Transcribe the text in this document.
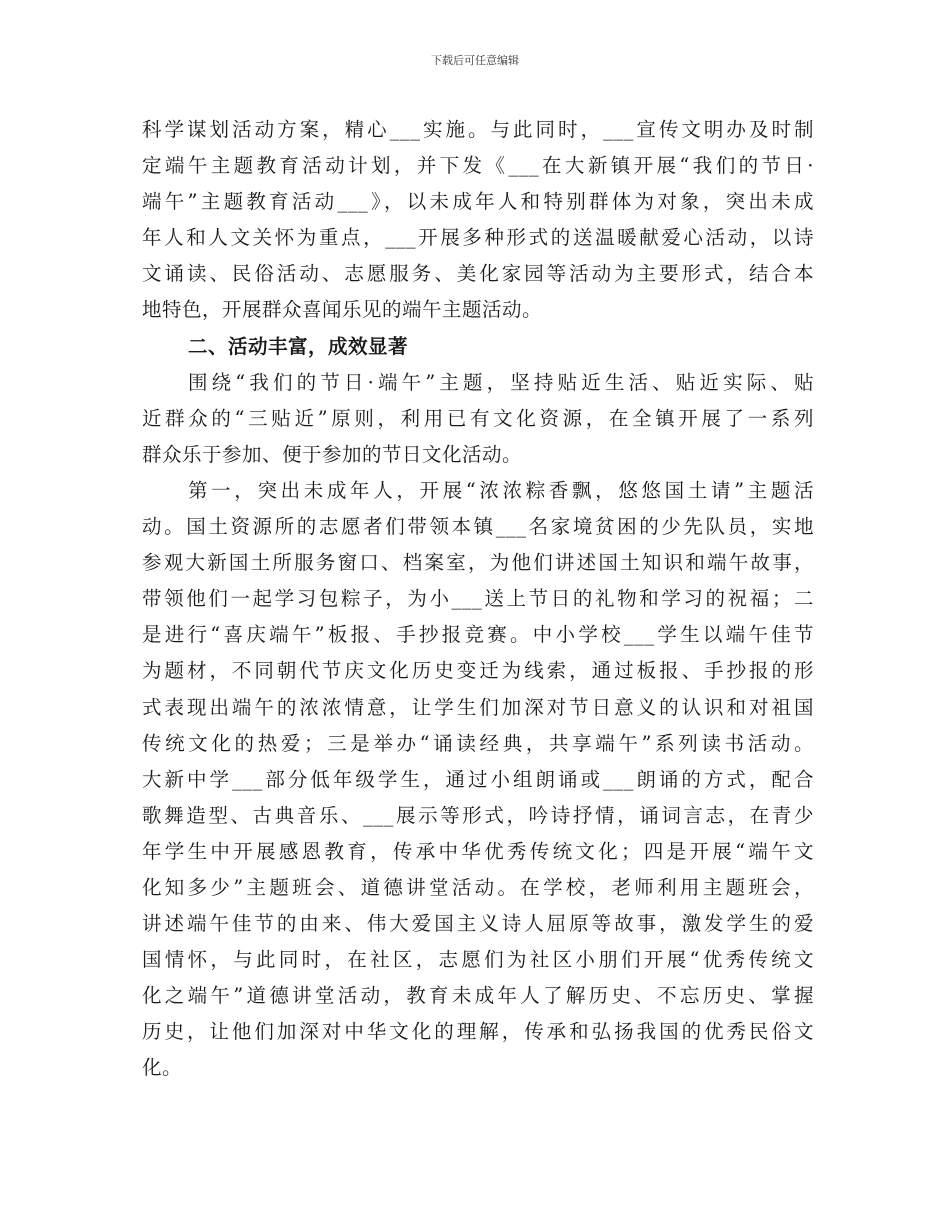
下载后可任意编辑
科学谋划活动方案，精心___实施。与此同时，___宣传文明办及时制
定端午主题教育活动计划，并下发《___在大新镇开展“我们的节日·
端午”主题教育活动___》，以未成年人和特别群体为对象，突出未成
年人和人文关怀为重点，___开展多种形式的送温暖献爱心活动，以诗
文诵读、民俗活动、志愿服务、美化家园等活动为主要形式，结合本
地特色，开展群众喜闻乐见的端午主题活动。
二、活动丰富，成效显著
围绕“我们的节日·端午”主题，坚持贴近生活、贴近实际、贴
近群众的“三贴近”原则，利用已有文化资源，在全镇开展了一系列
群众乐于参加、便于参加的节日文化活动。
第一，突出未成年人，开展“浓浓粽香飘，悠悠国土请”主题活
动。国土资源所的志愿者们带领本镇___名家境贫困的少先队员，实地
参观大新国土所服务窗口、档案室，为他们讲述国土知识和端午故事，
带领他们一起学习包粽子，为小___送上节日的礼物和学习的祝福；二
是进行“喜庆端午”板报、手抄报竞赛。中小学校___学生以端午佳节
为题材，不同朝代节庆文化历史变迁为线索，通过板报、手抄报的形
式表现出端午的浓浓情意，让学生们加深对节日意义的认识和对祖国
传统文化的热爱；三是举办“诵读经典，共享端午”系列读书活动。
大新中学___部分低年级学生，通过小组朗诵或___朗诵的方式，配合
歌舞造型、古典音乐、___展示等形式，吟诗抒情，诵词言志，在青少
年学生中开展感恩教育，传承中华优秀传统文化；四是开展“端午文
化知多少”主题班会、道德讲堂活动。在学校，老师利用主题班会，
讲述端午佳节的由来、伟大爱国主义诗人屈原等故事，激发学生的爱
国情怀，与此同时，在社区，志愿们为社区小朋们开展“优秀传统文
化之端午”道德讲堂活动，教育未成年人了解历史、不忘历史、掌握
历史，让他们加深对中华文化的理解，传承和弘扬我国的优秀民俗文
化。
